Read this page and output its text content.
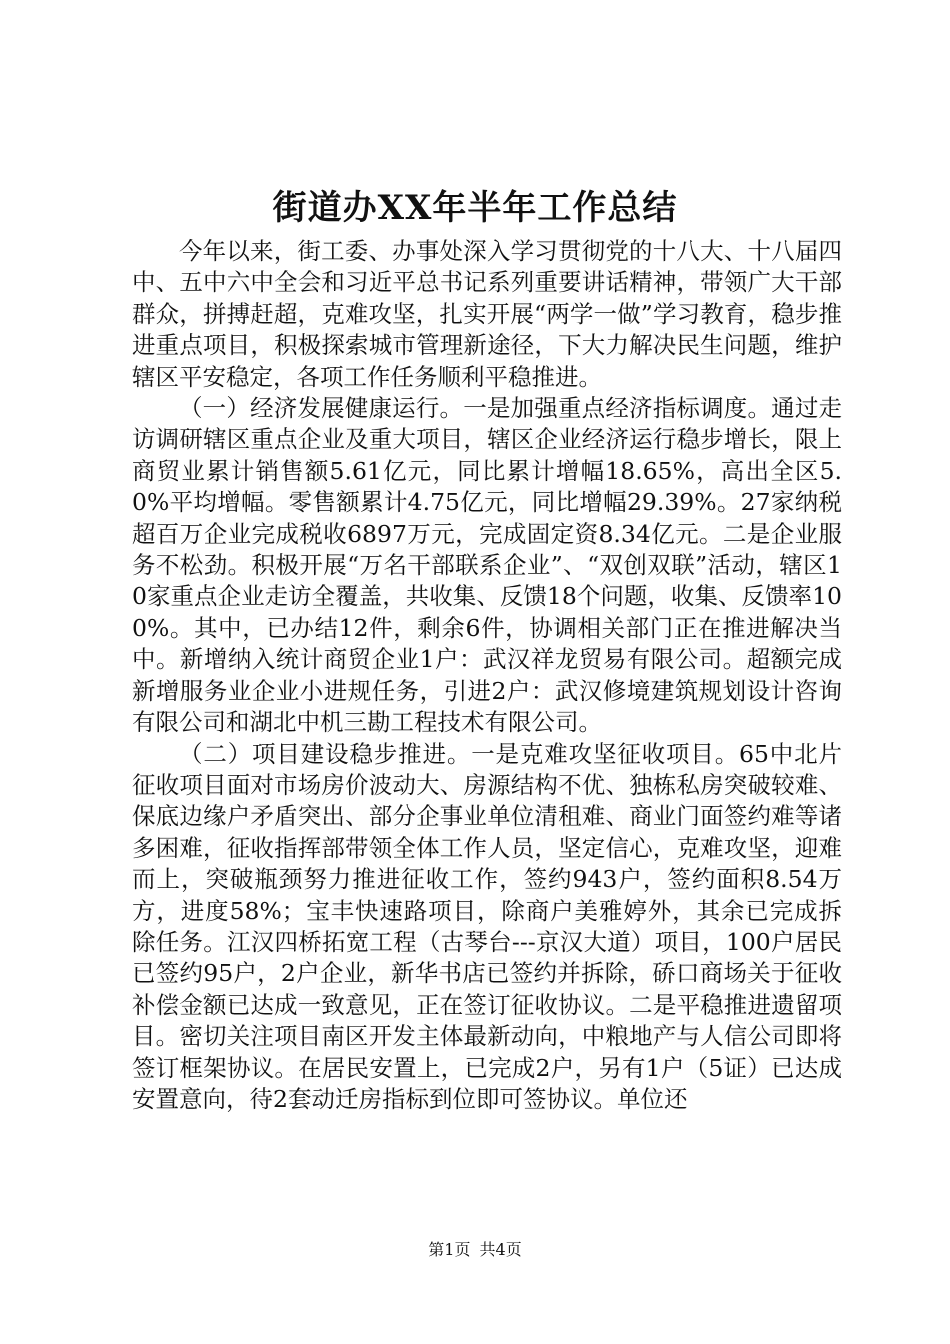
街道办XX年半年工作总结

今年以来，街工委、办事处深入学习贯彻党的十八大、十八届四中、五中六中全会和习近平总书记系列重要讲话精神，带领广大干部群众，拼搏赶超，克难攻坚，扎实开展“两学一做”学习教育，稳步推进重点项目，积极探索城市管理新途径，下大力解决民生问题，维护辖区平安稳定，各项工作任务顺利平稳推进。

（一）经济发展健康运行。一是加强重点经济指标调度。通过走访调研辖区重点企业及重大项目，辖区企业经济运行稳步增长，限上商贸业累计销售额5.61亿元，同比累计增幅18.65%，高出全区5.0%平均增幅。零售额累计4.75亿元，同比增幅29.39%。27家纳税超百万企业完成税收6897万元，完成固定资8.34亿元。二是企业服务不松劲。积极开展“万名干部联系企业”、“双创双联”活动，辖区10家重点企业走访全覆盖，共收集、反馈18个问题，收集、反馈率100%。其中，已办结12件，剩余6件，协调相关部门正在推进解决当中。新增纳入统计商贸企业1户：武汉祥龙贸易有限公司。超额完成新增服务业企业小进规任务，引进2户：武汉修境建筑规划设计咨询有限公司和湖北中机三勘工程技术有限公司。

（二）项目建设稳步推进。一是克难攻坚征收项目。65中北片征收项目面对市场房价波动大、房源结构不优、独栋私房突破较难、保底边缘户矛盾突出、部分企事业单位清租难、商业门面签约难等诸多困难，征收指挥部带领全体工作人员，坚定信心，克难攻坚，迎难而上，突破瓶颈努力推进征收工作，签约943户，签约面积8.54万方，进度58%；宝丰快速路项目，除商户美雅婷外，其余已完成拆除任务。江汉四桥拓宽工程（古琴台---京汉大道）项目，100户居民已签约95户，2户企业，新华书店已签约并拆除，硚口商场关于征收补偿金额已达成一致意见，正在签订征收协议。二是平稳推进遗留项目。密切关注项目南区开发主体最新动向，中粮地产与人信公司即将签订框架协议。在居民安置上，已完成2户，另有1户（5证）已达成安置意向，待2套动迁房指标到位即可签协议。单位还

第1页 共4页
